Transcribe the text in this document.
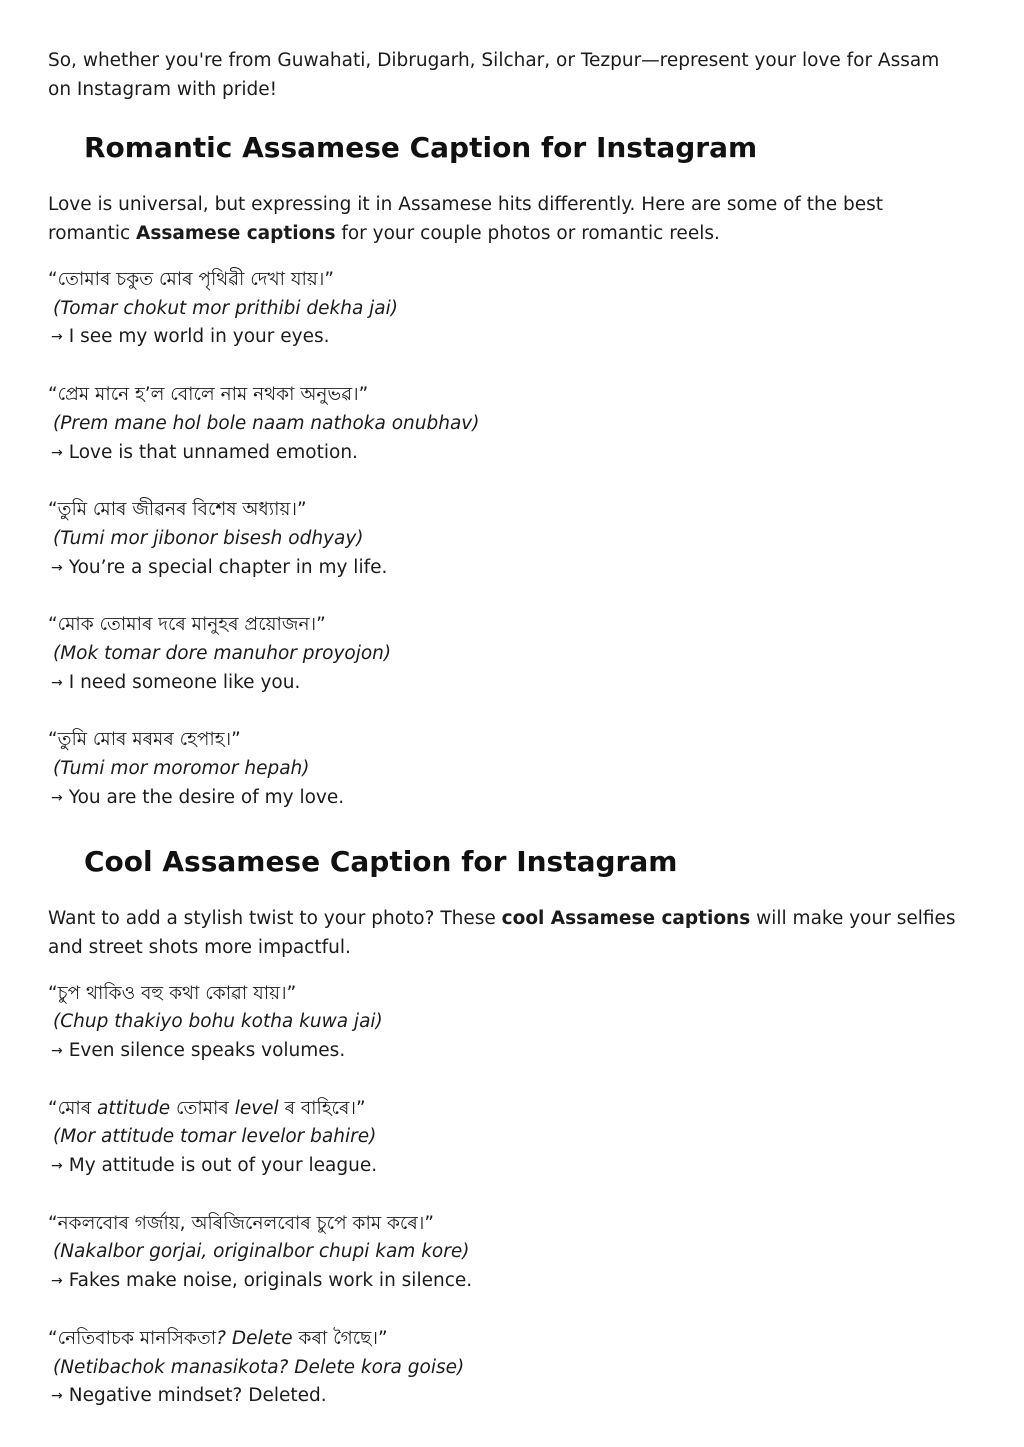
So, whether you're from Guwahati, Dibrugarh, Silchar, or Tezpur—represent your love for Assam on Instagram with pride!

Romantic Assamese Caption for Instagram

Love is universal, but expressing it in Assamese hits differently. Here are some of the best romantic Assamese captions for your couple photos or romantic reels.

“তোমাৰ চকুত মোৰ পৃথিৱী দেখা যায়।”
(Tomar chokut mor prithibi dekha jai)
→ I see my world in your eyes.
“প্ৰেম মানে হ’ল বোলে নাম নথকা অনুভৱ।”
(Prem mane hol bole naam nathoka onubhav)
→ Love is that unnamed emotion.
“তুমি মোৰ জীৱনৰ বিশেষ অধ্যায়।”
(Tumi mor jibonor bisesh odhyay)
→ You’re a special chapter in my life.
“মোক তোমাৰ দৰে মানুহৰ প্ৰয়োজন।”
(Mok tomar dore manuhor proyojon)
→ I need someone like you.
“তুমি মোৰ মৰমৰ হেপাহ।”
(Tumi mor moromor hepah)
→ You are the desire of my love.
Cool Assamese Caption for Instagram

Want to add a stylish twist to your photo? These cool Assamese captions will make your selfies and street shots more impactful.

“চুপ থাকিও বহু কথা কোৱা যায়।”
(Chup thakiyo bohu kotha kuwa jai)
→ Even silence speaks volumes.
“মোৰ attitude তোমাৰ level ৰ বাহিৰে।”
(Mor attitude tomar levelor bahire)
→ My attitude is out of your league.
“নকলবোৰ গৰ্জায়, অৰিজিনেলবোৰ চুপে কাম কৰে।”
(Nakalbor gorjai, originalbor chupi kam kore)
→ Fakes make noise, originals work in silence.
“নেতিবাচক মানসিকতা? Delete কৰা গৈছে।”
(Netibachok manasikota? Delete kora goise)
→ Negative mindset? Deleted.
